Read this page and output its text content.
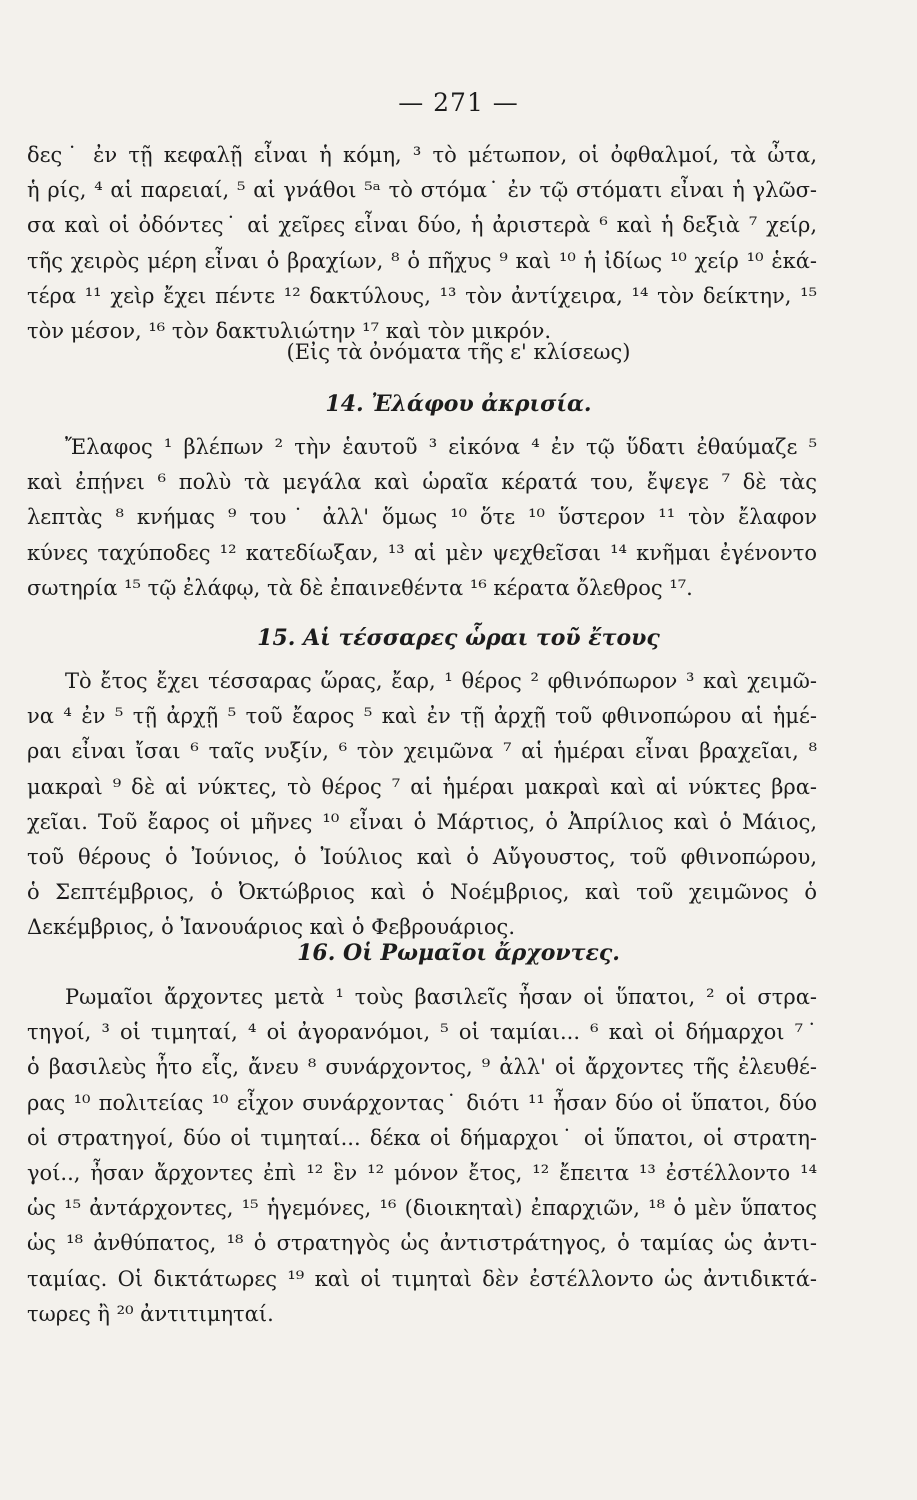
— 271 —
δες˙ ἐν τῇ κεφαλῇ εἶναι ἡ κόμη, ³ τὸ μέτωπον, οἱ ὀφθαλμοί, τὰ ὦτα,
ἡ ρίς, ⁴ αἱ παρειαί, ⁵ αἱ γνάθοι ⁵ᵃ τὸ στόμα˙ ἐν τῷ στόματι εἶναι ἡ γλῶσ-
σα καὶ οἱ ὀδόντες˙ αἱ χεῖρες εἶναι δύο, ἡ ἀριστερὰ ⁶ καὶ ἡ δεξιὰ ⁷ χείρ,
τῆς χειρὸς μέρη εἶναι ὁ βραχίων, ⁸ ὁ πῆχυς ⁹ καὶ ¹⁰ ἡ ἰδίως ¹⁰ χείρ ¹⁰ ἑκά-
τέρα ¹¹ χεὶρ ἔχει πέντε ¹² δακτύλους, ¹³ τὸν ἀντίχειρα, ¹⁴ τὸν δείκτην, ¹⁵
τὸν μέσον, ¹⁶ τὸν δακτυλιώτην ¹⁷ καὶ τὸν μικρόν.
(Εἰς τὰ ὀνόματα τῆς ε' κλίσεως)
14. Ἐλάφου ἀκρισία.
Ἔλαφος ¹ βλέπων ² τὴν ἑαυτοῦ ³ εἰκόνα ⁴ ἐν τῷ ὕδατι ἐθαύμαζε ⁵
καὶ ἐπῄνει ⁶ πολὺ τὰ μεγάλα καὶ ὡραῖα κέρατά του, ἔψεγε ⁷ δὲ τὰς
λεπτὰς ⁸ κνήμας ⁹ του˙ ἀλλ' ὅμως ¹⁰ ὅτε ¹⁰ ὕστερον ¹¹ τὸν ἔλαφον
κύνες ταχύποδες ¹² κατεδίωξαν, ¹³ αἱ μὲν ψεχθεῖσαι ¹⁴ κνῆμαι ἐγένοντο
σωτηρία ¹⁵ τῷ ἐλάφῳ, τὰ δὲ ἐπαινεθέντα ¹⁶ κέρατα ὄλεθρος ¹⁷.
15. Αἱ τέσσαρες ὧραι τοῦ ἔτους
Τὸ ἔτος ἔχει τέσσαρας ὥρας, ἔαρ, ¹ θέρος ² φθινόπωρον ³ καὶ χειμῶ-
να ⁴ ἐν ⁵ τῇ ἀρχῇ ⁵ τοῦ ἔαρος ⁵ καὶ ἐν τῇ ἀρχῇ τοῦ φθινοπώρου αἱ ἡμέ-
ραι εἶναι ἴσαι ⁶ ταῖς νυξίν, ⁶ τὸν χειμῶνα ⁷ αἱ ἡμέραι εἶναι βραχεῖαι, ⁸
μακραὶ ⁹ δὲ αἱ νύκτες, τὸ θέρος ⁷ αἱ ἡμέραι μακραὶ καὶ αἱ νύκτες βρα-
χεῖαι. Τοῦ ἔαρος οἱ μῆνες ¹⁰ εἶναι ὁ Μάρτιος, ὁ Ἀπρίλιος καὶ ὁ Μάιος,
τοῦ θέρους ὁ Ἰούνιος, ὁ Ἰούλιος καὶ ὁ Αὔγουστος, τοῦ φθινοπώρου,
ὁ Σεπτέμβριος, ὁ Ὀκτώβριος καὶ ὁ Νοέμβριος, καὶ τοῦ χειμῶνος ὁ
Δεκέμβριος, ὁ Ἰανουάριος καὶ ὁ Φεβρουάριος.
16. Οἱ Ρωμαῖοι ἄρχοντες.
Ρωμαῖοι ἄρχοντες μετὰ ¹ τοὺς βασιλεῖς ἦσαν οἱ ὕπατοι, ² οἱ στρα-
τηγοί, ³ οἱ τιμηταί, ⁴ οἱ ἀγορανόμοι, ⁵ οἱ ταμίαι... ⁶ καὶ οἱ δήμαρχοι ⁷˙
ὁ βασιλεὺς ἦτο εἷς, ἄνευ ⁸ συνάρχοντος, ⁹ ἀλλ' οἱ ἄρχοντες τῆς ἐλευθέ-
ρας ¹⁰ πολιτείας ¹⁰ εἶχον συνάρχοντας˙ διότι ¹¹ ἦσαν δύο οἱ ὕπατοι, δύο
οἱ στρατηγοί, δύο οἱ τιμηταί... δέκα οἱ δήμαρχοι˙ οἱ ὕπατοι, οἱ στρατη-
γοί.., ἦσαν ἄρχοντες ἐπὶ ¹² ἓν ¹² μόνον ἔτος, ¹² ἔπειτα ¹³ ἐστέλλοντο ¹⁴
ὡς ¹⁵ ἀντάρχοντες, ¹⁵ ἡγεμόνες, ¹⁶ (διοικηταὶ) ἐπαρχιῶν, ¹⁸ ὁ μὲν ὕπατος
ὡς ¹⁸ ἀνθύπατος, ¹⁸ ὁ στρατηγὸς ὡς ἀντιστράτηγος, ὁ ταμίας ὡς ἀντι-
ταμίας. Οἱ δικτάτωρες ¹⁹ καὶ οἱ τιμηταὶ δὲν ἐστέλλοντο ὡς ἀντιδικτά-
τωρες ἢ ²⁰ ἀντιτιμηταί.
